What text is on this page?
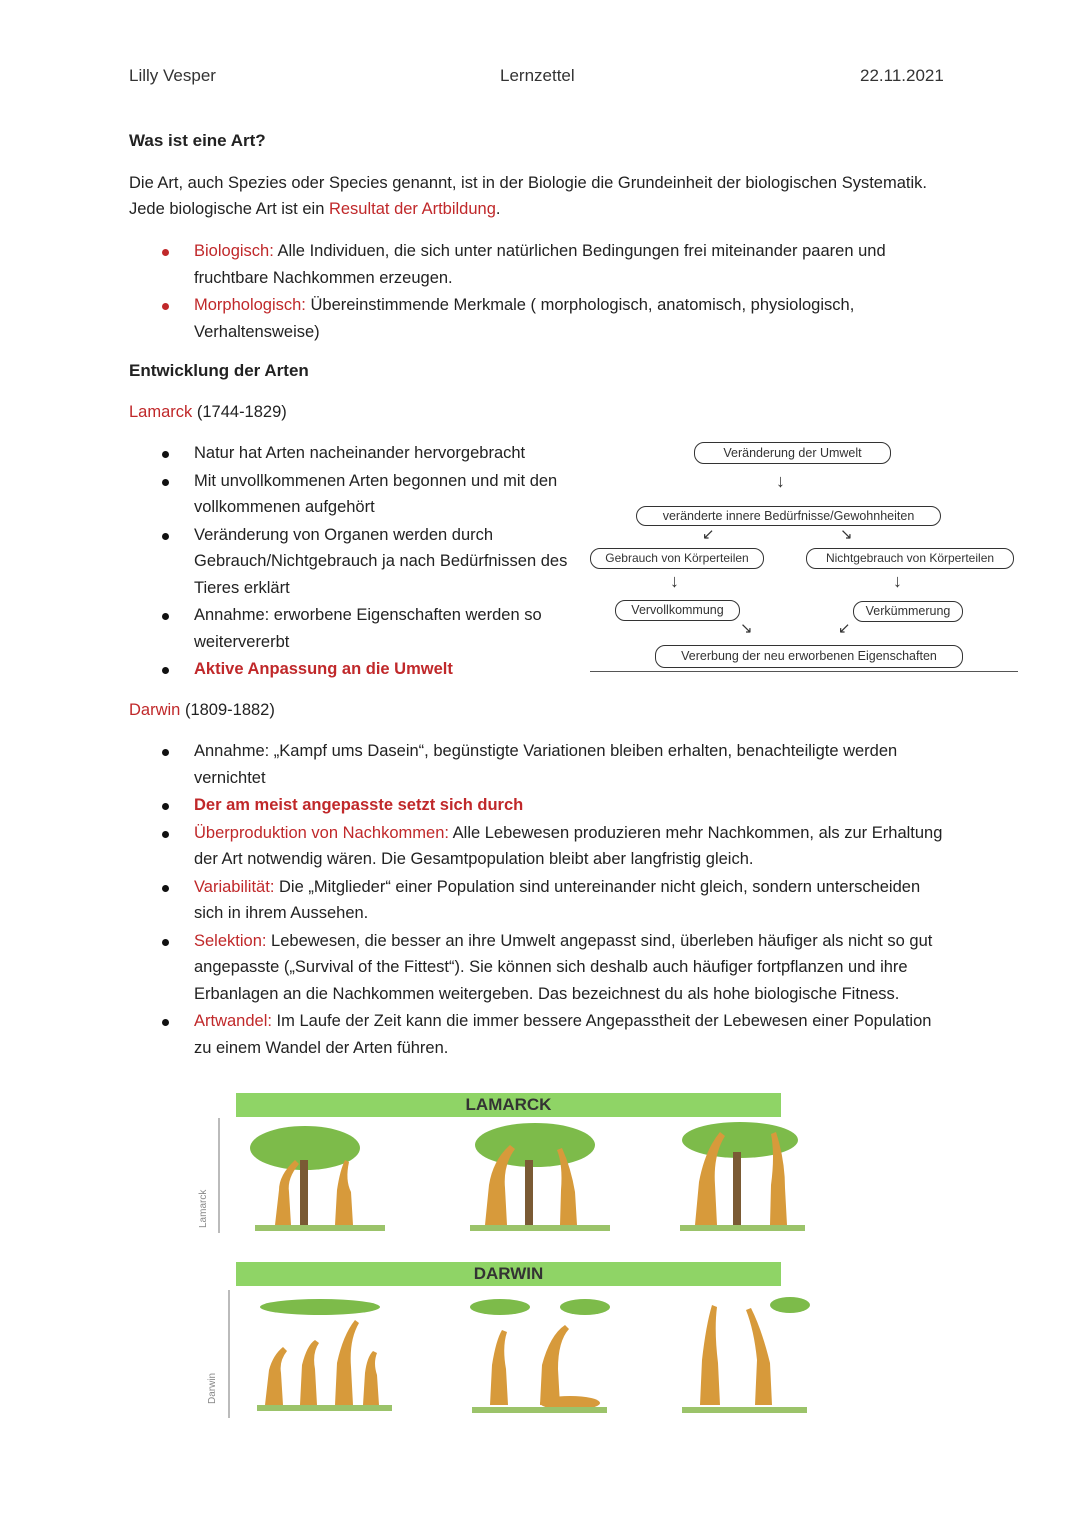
Lilly Vesper	Lernzettel	22.11.2021
Was ist eine Art?
Die Art, auch Spezies oder Species genannt, ist in der Biologie die Grundeinheit der biologischen Systematik. Jede biologische Art ist ein Resultat der Artbildung.
Biologisch: Alle Individuen, die sich unter natürlichen Bedingungen frei miteinander paaren und fruchtbare Nachkommen erzeugen.
Morphologisch: Übereinstimmende Merkmale ( morphologisch, anatomisch, physiologisch, Verhaltensweise)
Entwicklung der Arten
Lamarck (1744-1829)
Natur hat Arten nacheinander hervorgebracht
Mit unvollkommenen Arten begonnen und mit den vollkommenen aufgehört
Veränderung von Organen werden durch Gebrauch/Nichtgebrauch ja nach Bedürfnissen des Tieres erklärt
Annahme: erworbene Eigenschaften werden so weitervererbt
Aktive Anpassung an die Umwelt
Veränderung der Umwelt
↓
veränderte innere Bedürfnisse/Gewohnheiten
↙	↘
Gebrauch von Körperteilen	Nichtgebrauch von Körperteilen
↓	↓
Vervollkommung	Verkümmerung
↘	↙
Vererbung der neu erworbenen Eigenschaften
Darwin (1809-1882)
Annahme: „Kampf ums Dasein“, begünstigte Variationen bleiben erhalten, benachteiligte werden vernichtet
Der am meist angepasste setzt sich durch
Überproduktion von Nachkommen: Alle Lebewesen produzieren mehr Nachkommen, als zur Erhaltung der Art notwendig wären. Die Gesamtpopulation bleibt aber langfristig gleich.
Variabilität: Die „Mitglieder“ einer Population sind untereinander nicht gleich, sondern unterscheiden sich in ihrem Aussehen.
Selektion: Lebewesen, die besser an ihre Umwelt angepasst sind, überleben häufiger als nicht so gut angepasste („Survival of the Fittest“). Sie können sich deshalb auch häufiger fortpflanzen und ihre Erbanlagen an die Nachkommen weitergeben. Das bezeichnest du als hohe biologische Fitness.
Artwandel: Im Laufe der Zeit kann die immer bessere Angepasstheit der Lebewesen einer Population zu einem Wandel der Arten führen.
LAMARCK
Lamarck
DARWIN
Darwin
